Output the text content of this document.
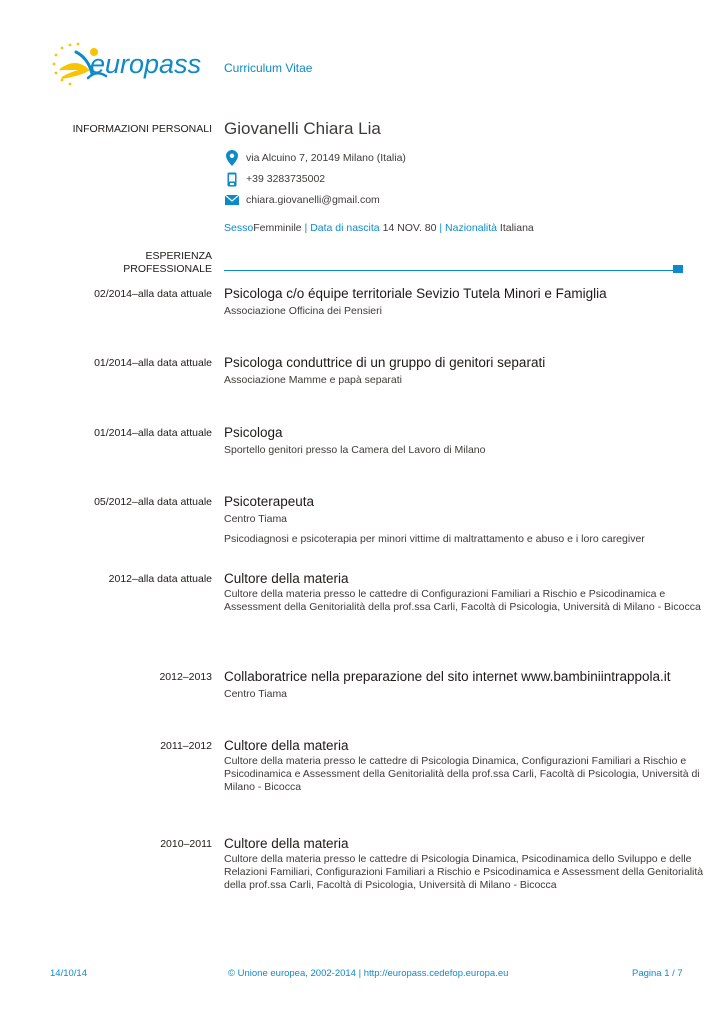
europass Curriculum Vitae
INFORMAZIONI PERSONALI Giovanelli Chiara Lia
via Alcuino 7, 20149 Milano (Italia)
+39 3283735002
chiara.giovanelli@gmail.com
SessoFemminile | Data di nascita 14 NOV. 80 | Nazionalità Italiana
ESPERIENZA
PROFESSIONALE
02/2014–alla data attuale Psicologa c/o équipe territoriale Sevizio Tutela Minori e Famiglia
Associazione Officina dei Pensieri
01/2014–alla data attuale Psicologa conduttrice di un gruppo di genitori separati
Associazione Mamme e papà separati
01/2014–alla data attuale Psicologa
Sportello genitori presso la Camera del Lavoro di Milano
05/2012–alla data attuale Psicoterapeuta
Centro Tiama
Psicodiagnosi e psicoterapia per minori vittime di maltrattamento e abuso e i loro caregiver
2012–alla data attuale Cultore della materia
Cultore della materia presso le cattedre di Configurazioni Familiari a Rischio e Psicodinamica e Assessment della Genitorialità della prof.ssa Carli, Facoltà di Psicologia, Università di Milano - Bicocca
2012–2013 Collaboratrice nella preparazione del sito internet www.bambiniintrappola.it
Centro Tiama
2011–2012 Cultore della materia
Cultore della materia presso le cattedre di Psicologia Dinamica, Configurazioni Familiari a Rischio e Psicodinamica e Assessment della Genitorialità della prof.ssa Carli, Facoltà di Psicologia, Università di Milano - Bicocca
2010–2011 Cultore della materia
Cultore della materia presso le cattedre di Psicologia Dinamica, Psicodinamica dello Sviluppo e delle Relazioni Familiari, Configurazioni Familiari a Rischio e Psicodinamica e Assessment della Genitorialità della prof.ssa Carli, Facoltà di Psicologia, Università di Milano - Bicocca
14/10/14	© Unione europea, 2002-2014 | http://europass.cedefop.europa.eu	Pagina 1 / 7
